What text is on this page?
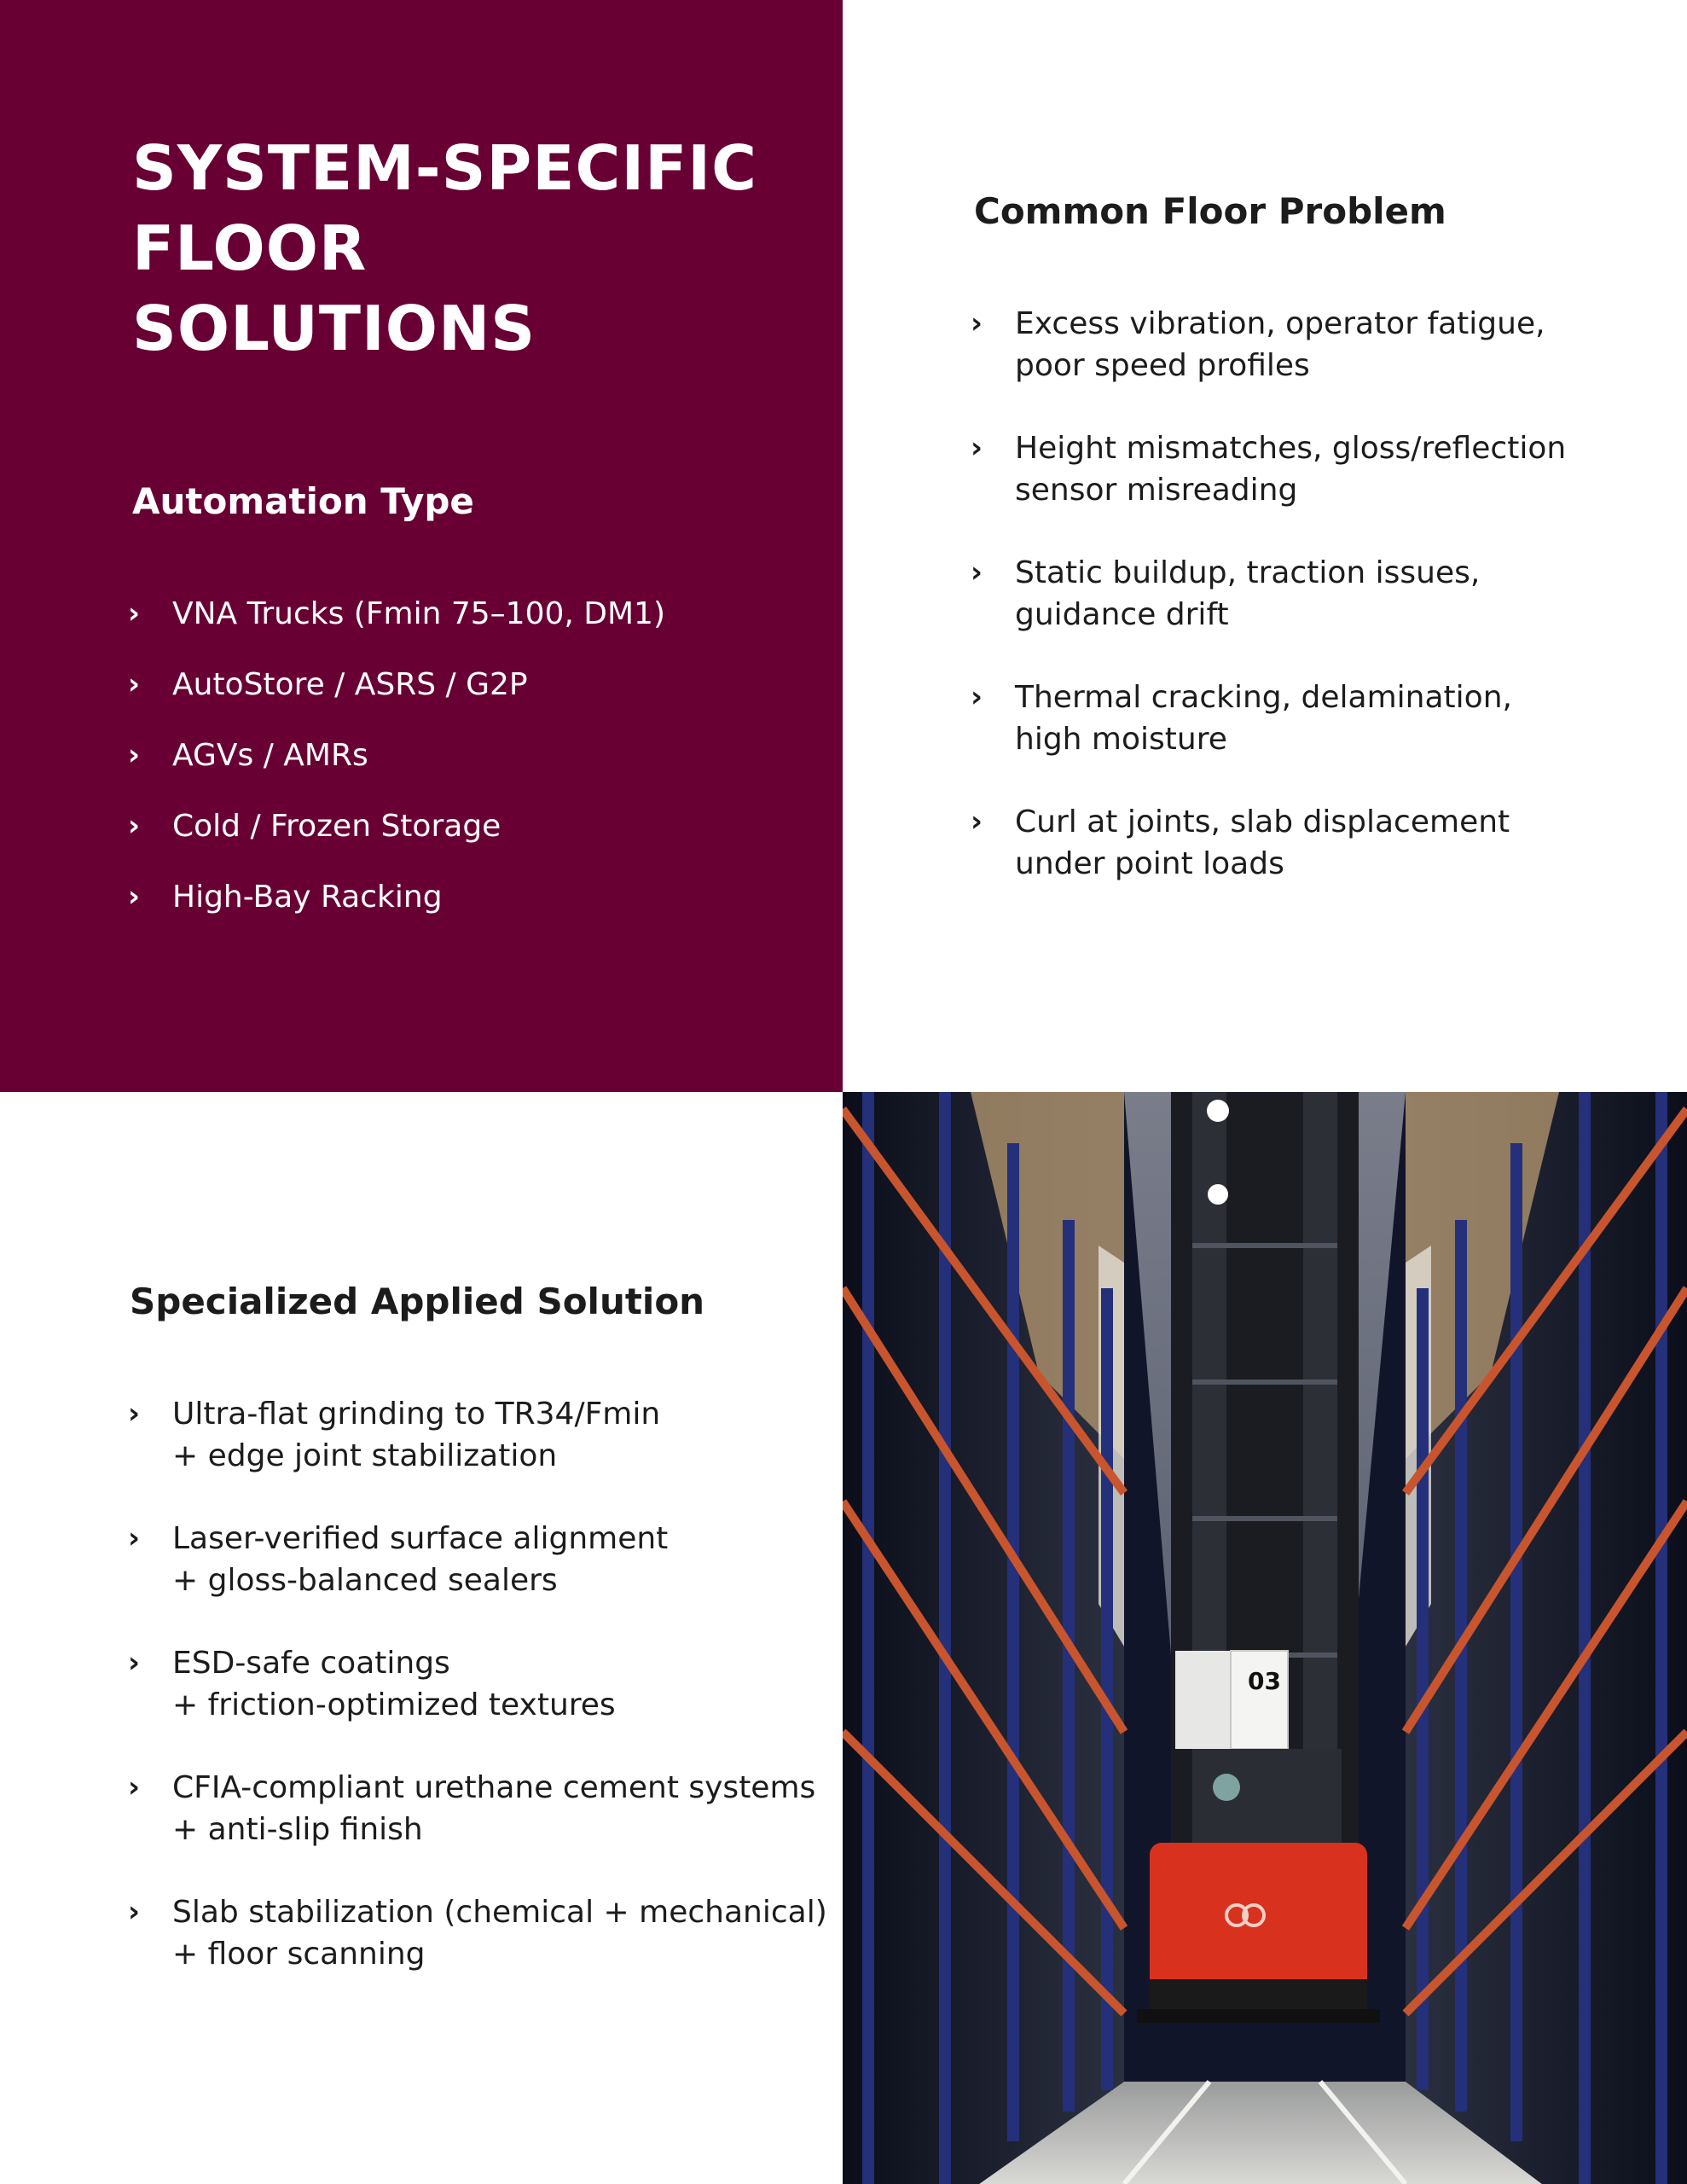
SYSTEM-SPECIFIC
FLOOR
SOLUTIONS
Automation Type
› VNA Trucks (Fmin 75–100, DM1)
› AutoStore / ASRS / G2P
› AGVs / AMRs
› Cold / Frozen Storage
› High-Bay Racking
Common Floor Problem
› Excess vibration, operator fatigue,
poor speed profiles
› Height mismatches, gloss/reflection
sensor misreading
› Static buildup, traction issues,
guidance drift
› Thermal cracking, delamination,
high moisture
› Curl at joints, slab displacement
under point loads
Specialized Applied Solution
› Ultra-flat grinding to TR34/Fmin
+ edge joint stabilization
› Laser-verified surface alignment
+ gloss-balanced sealers
› ESD-safe coatings
+ friction-optimized textures
› CFIA-compliant urethane cement systems
+ anti-slip finish
› Slab stabilization (chemical + mechanical)
+ floor scanning
03
